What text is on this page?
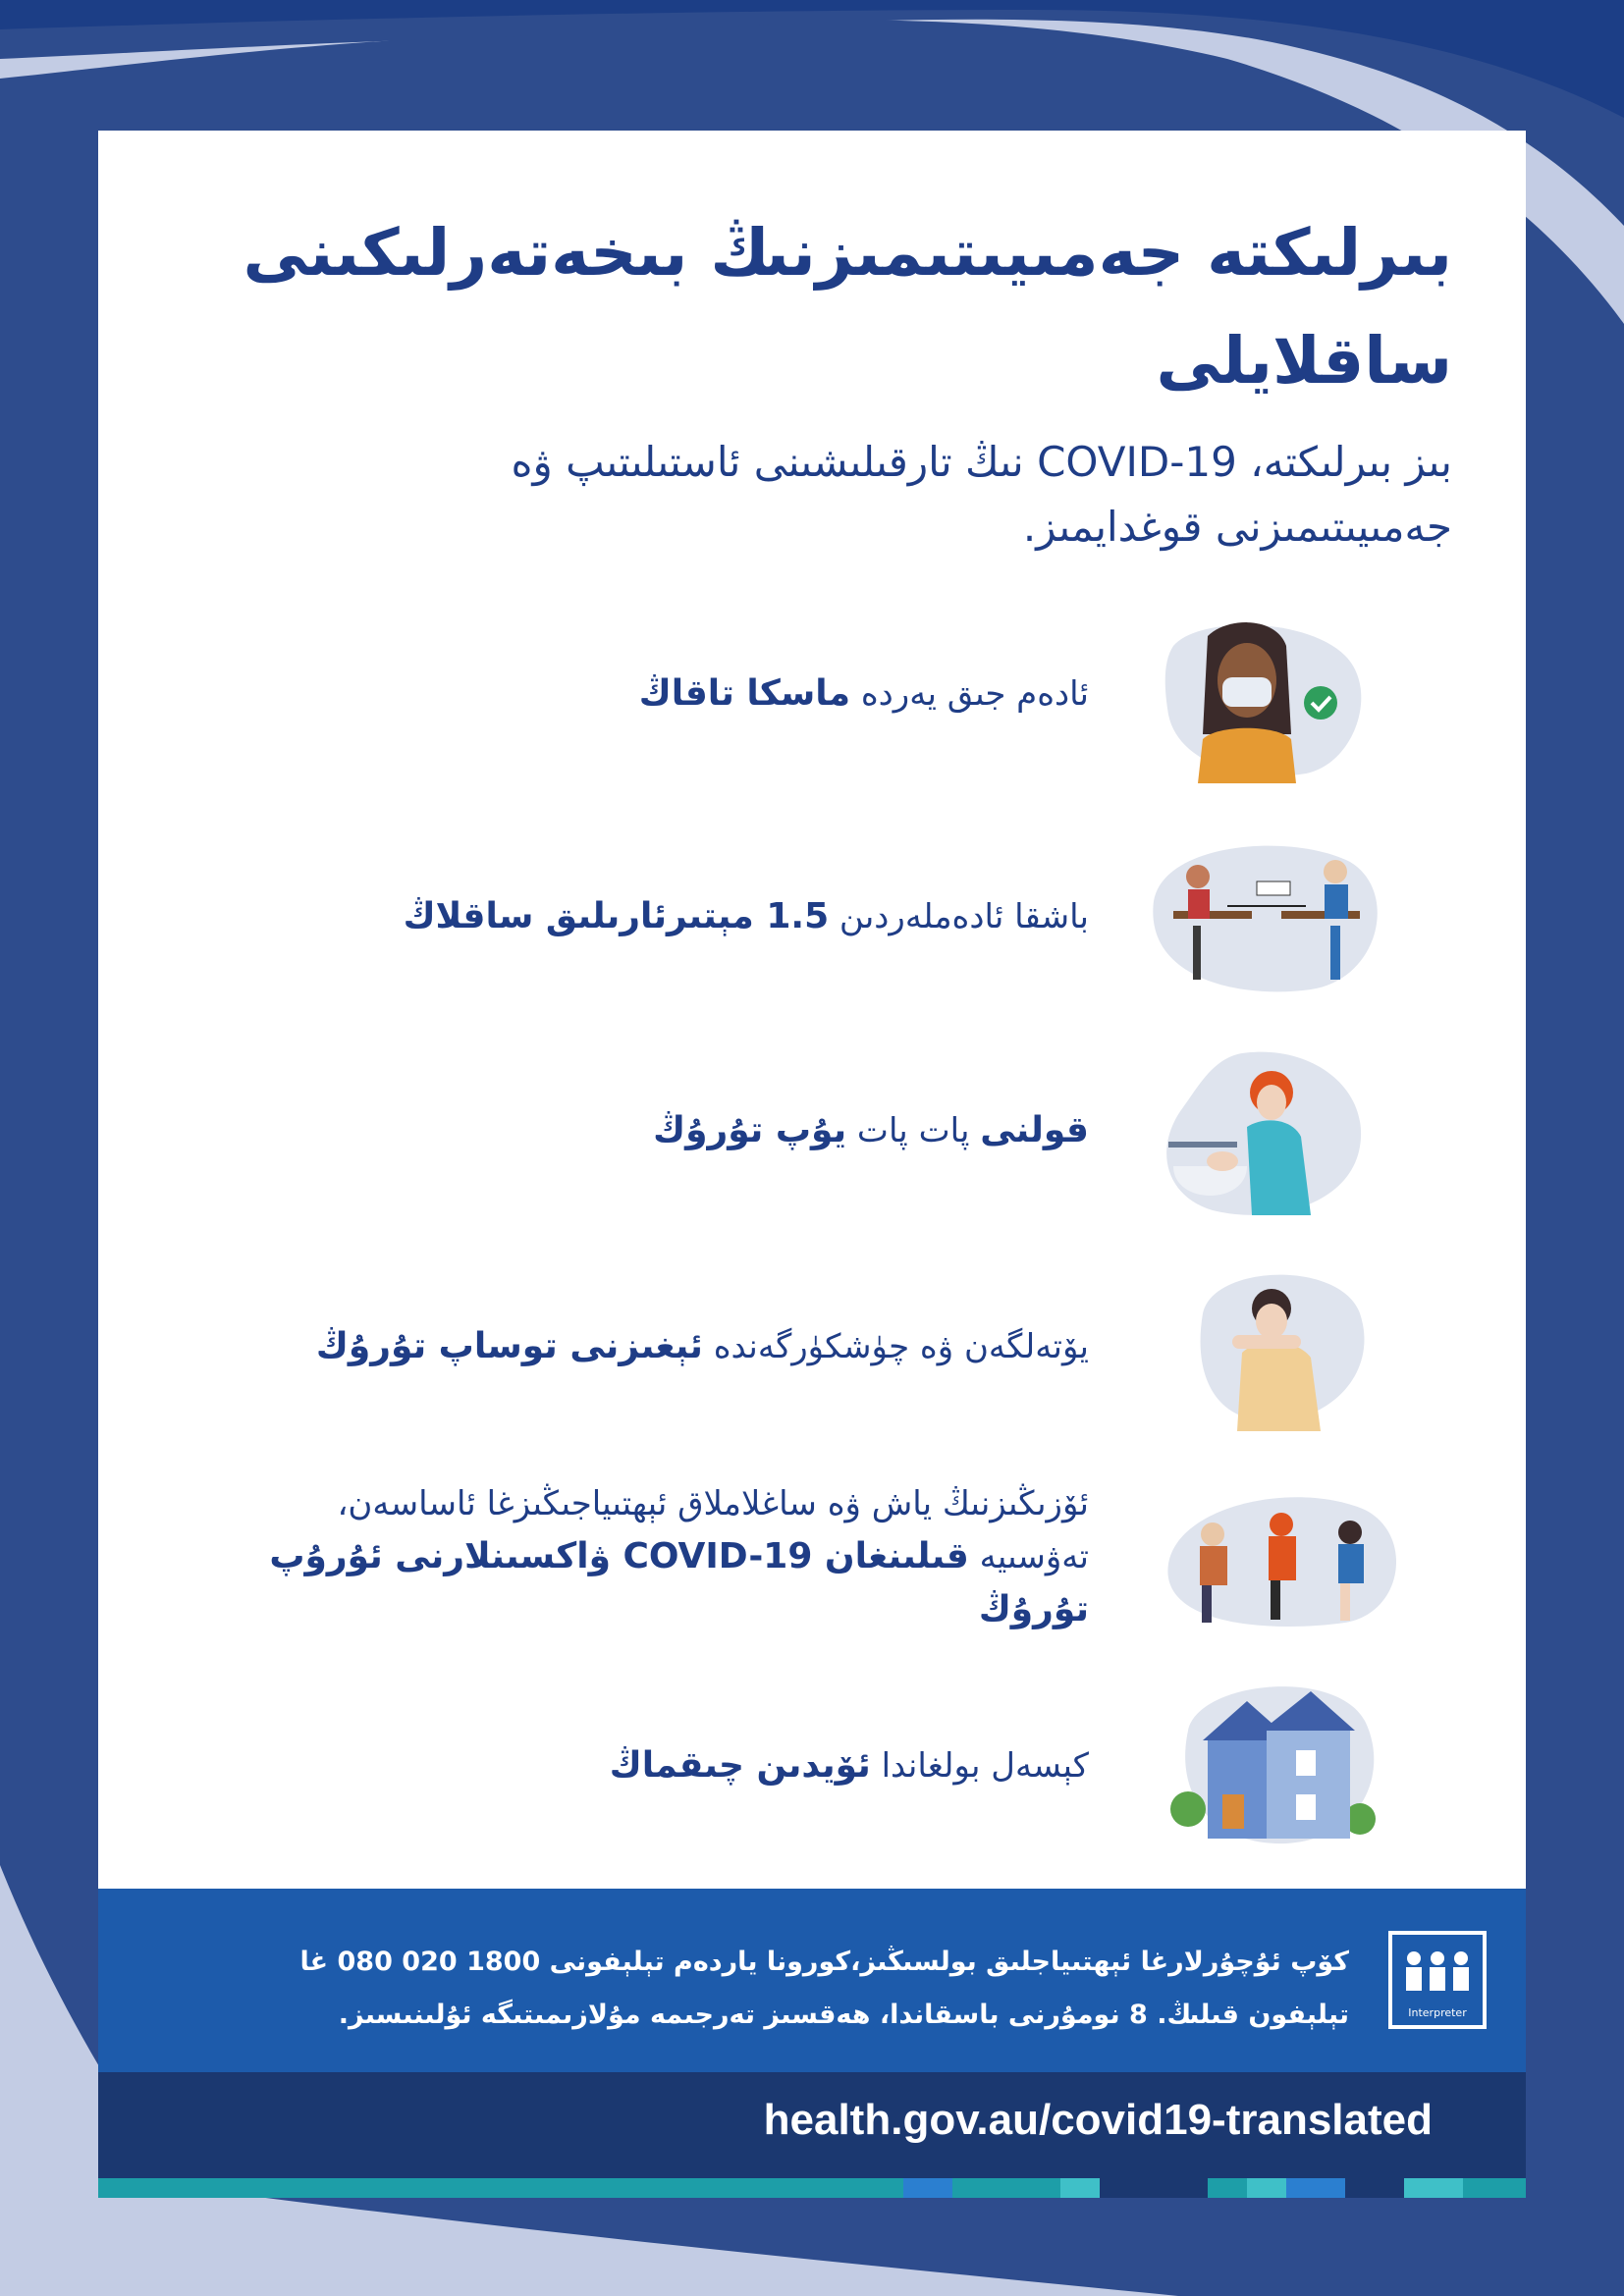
بىرلىكتە جەمىيىتىمىزنىڭ بىخەتەرلىكىنى ساقلايلى
بىز بىرلىكتە، COVID-19 نىڭ تارقىلىشىنى ئاستىلىتىپ ۋە جەمىيىتىمىزنى قوغدايمىز.
ئادەم جىق يەردە ماسكا تاقاڭ
باشقا ئادەملەردىن 1.5 مېتىرئارىلىق ساقلاڭ
قولنى پات پات يۇپ تۇرۇڭ
يۆتەلگەن ۋە چۈشكۈرگەندە ئېغىزنى توساپ تۇرۇڭ
ئۆزىڭىزنىڭ ياش ۋە ساغلاملاق ئېھتىياجىڭىزغا ئاساسەن،
تەۋسىيە قىلىنغان COVID-19 ۋاكسىنلارنى ئۇرۇپ تۇرۇڭ
كېسەل بولغاندا ئۆيدىن چىقماڭ
كۆپ ئۇچۇرلارغا ئېھتىياجلىق بولسىڭىز،كورونا ياردەم تېلېفونى 1800 020 080 غا
تېلېفون قىلىڭ. 8 نومۇرنى باسقاندا، ھەقسىز تەرجىمە مۇلازىمىتىگە ئۇلىنىسىز.	Interpreter
health.gov.au/covid19-translated
